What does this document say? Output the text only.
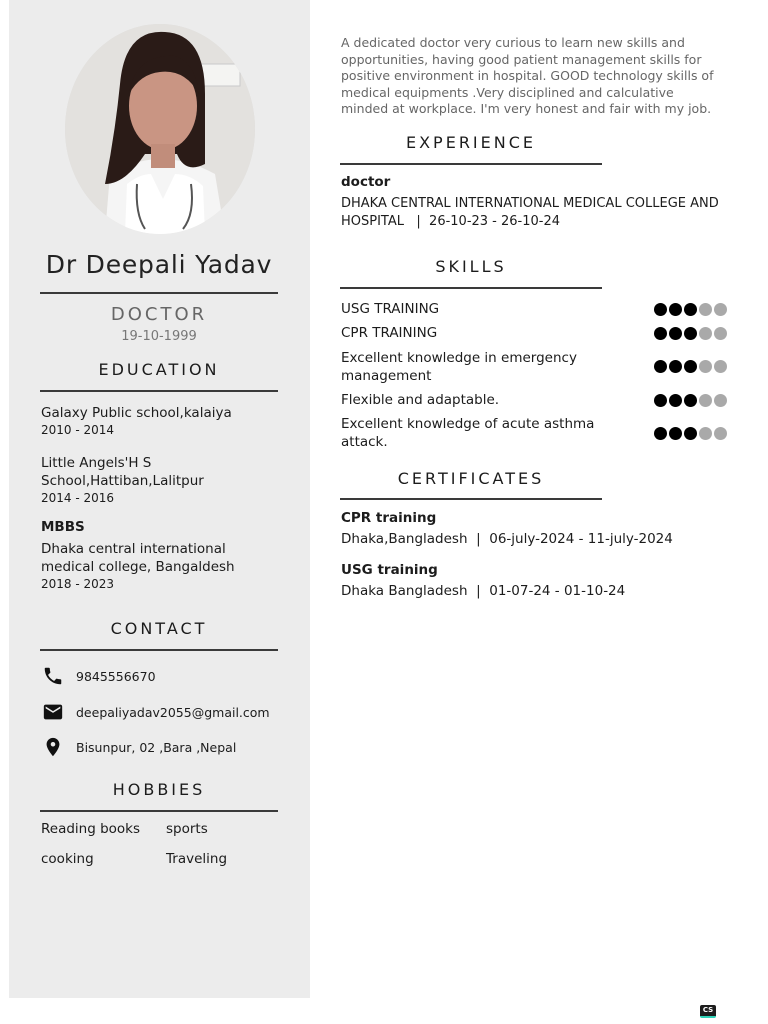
Dr Deepali Yadav
DOCTOR
19-10-1999
EDUCATION
Galaxy Public school,kalaiya
2010 - 2014
Little Angels'H S
School,Hattiban,Lalitpur
2014 - 2016
MBBS
Dhaka central international
medical college, Bangaldesh
2018 - 2023
CONTACT
9845556670
deepaliyadav2055@gmail.com
Bisunpur, 02 ,Bara ,Nepal
HOBBIES
Reading books sports
cooking	Traveling
A dedicated doctor very curious to learn new skills and opportunities, having good patient management skills for positive environment in hospital. GOOD technology skills of medical equipments .Very disciplined and calculative minded at workplace. I'm very honest and fair with my job.
EXPERIENCE
doctor
DHAKA CENTRAL INTERNATIONAL MEDICAL COLLEGE AND
HOSPITAL   |  26-10-23 - 26-10-24
SKILLS
USG TRAINING
CPR TRAINING
Excellent knowledge in emergency
management
Flexible and adaptable.
Excellent knowledge of acute asthma
attack.
CERTIFICATES
CPR training
Dhaka,Bangladesh  |  06-july-2024 - 11-july-2024
USG training
Dhaka Bangladesh  |  01-07-24 - 01-10-24
CS
